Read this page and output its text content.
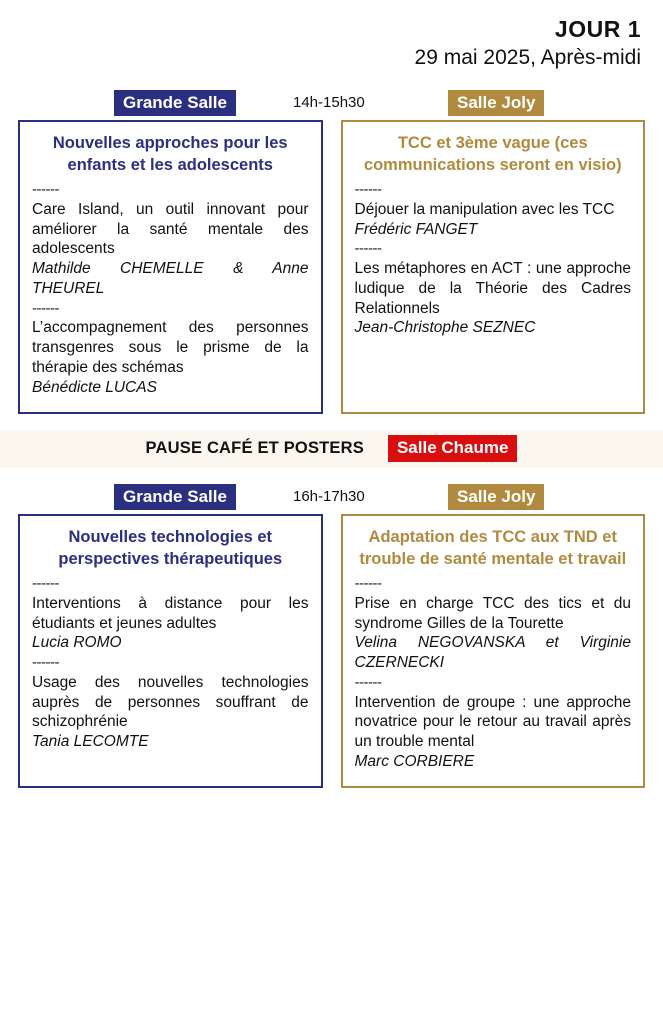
JOUR 1
29 mai 2025, Après-midi
Grande Salle	14h-15h30	Salle Joly
Nouvelles approches pour les enfants et les adolescents
------
Care Island, un outil innovant pour améliorer la santé mentale des adolescents
Mathilde CHEMELLE & Anne THEUREL
------
L’accompagnement des personnes transgenres sous le prisme de la thérapie des schémas
Bénédicte LUCAS
TCC et 3ème vague (ces communications seront en visio)
------
Déjouer la manipulation avec les TCC
Frédéric FANGET
------
Les métaphores en ACT : une approche ludique de la Théorie des Cadres Relationnels
Jean-Christophe SEZNEC
PAUSE CAFÉ ET POSTERS	Salle Chaume
Grande Salle	16h-17h30	Salle Joly
Nouvelles technologies et perspectives thérapeutiques
------
Interventions à distance pour les étudiants et jeunes adultes
Lucia ROMO
------
Usage des nouvelles technologies auprès de personnes souffrant de schizophrénie
Tania LECOMTE
Adaptation des TCC aux TND et trouble de santé mentale et travail
------
Prise en charge TCC des tics et du syndrome Gilles de la Tourette
Velina NEGOVANSKA et Virginie CZERNECKI
------
Intervention de groupe : une approche novatrice pour le retour au travail après un trouble mental
Marc CORBIERE
